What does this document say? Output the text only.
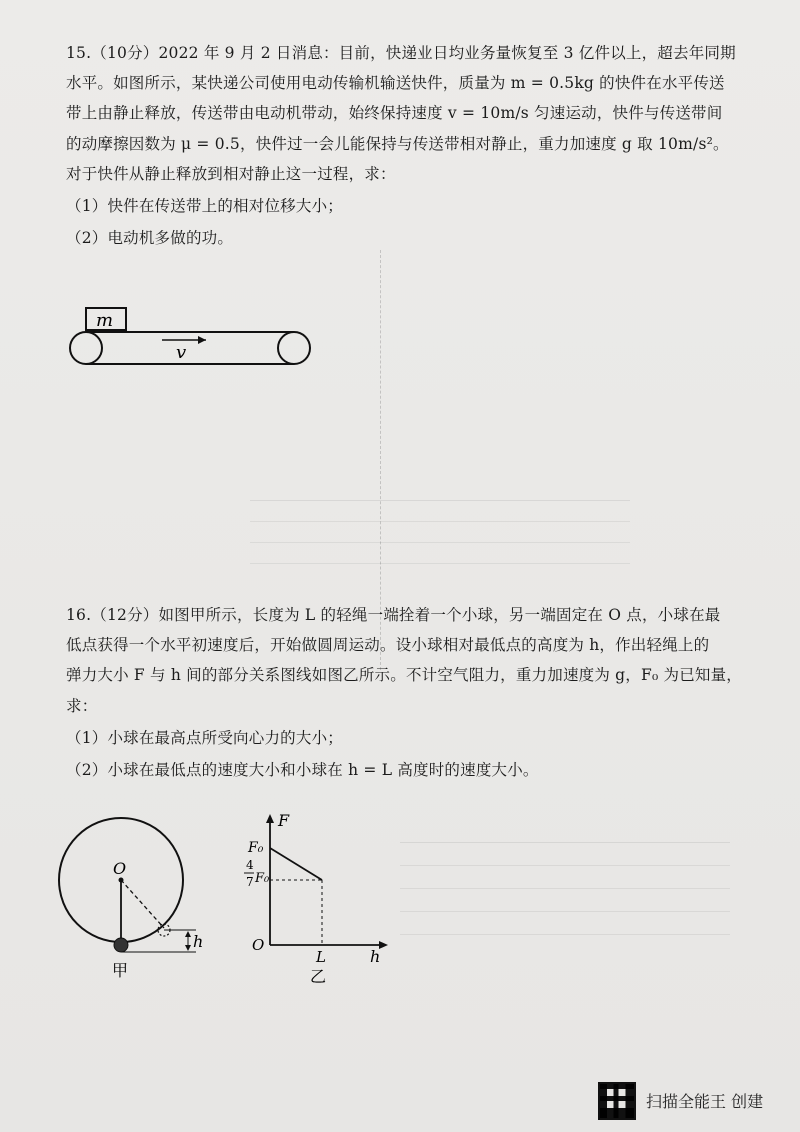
15.（10分）2022 年 9 月 2 日消息：目前，快递业日均业务量恢复至 3 亿件以上，超去年同期
水平。如图所示，某快递公司使用电动传输机输送快件，质量为 m = 0.5kg 的快件在水平传送
带上由静止释放，传送带由电动机带动，始终保持速度 v = 10m/s 匀速运动，快件与传送带间
的动摩擦因数为 μ = 0.5，快件过一会儿能保持与传送带相对静止，重力加速度 g 取 10m/s²。
对于快件从静止释放到相对静止这一过程，求：
（1）快件在传送带上的相对位移大小；
（2）电动机多做的功。
m
v
16.（12分）如图甲所示，长度为 L 的轻绳一端拴着一个小球，另一端固定在 O 点，小球在最
低点获得一个水平初速度后，开始做圆周运动。设小球相对最低点的高度为 h，作出轻绳上的
弹力大小 F 与 h 间的部分关系图线如图乙所示。不计空气阻力，重力加速度为 g，F₀ 为已知量，
求：
（1）小球在最高点所受向心力的大小；
（2）小球在最低点的速度大小和小球在 h = L 高度时的速度大小。
O
h
甲
F
h
O
F₀
4
7 F₀
L
乙
扫描全能王 创建
